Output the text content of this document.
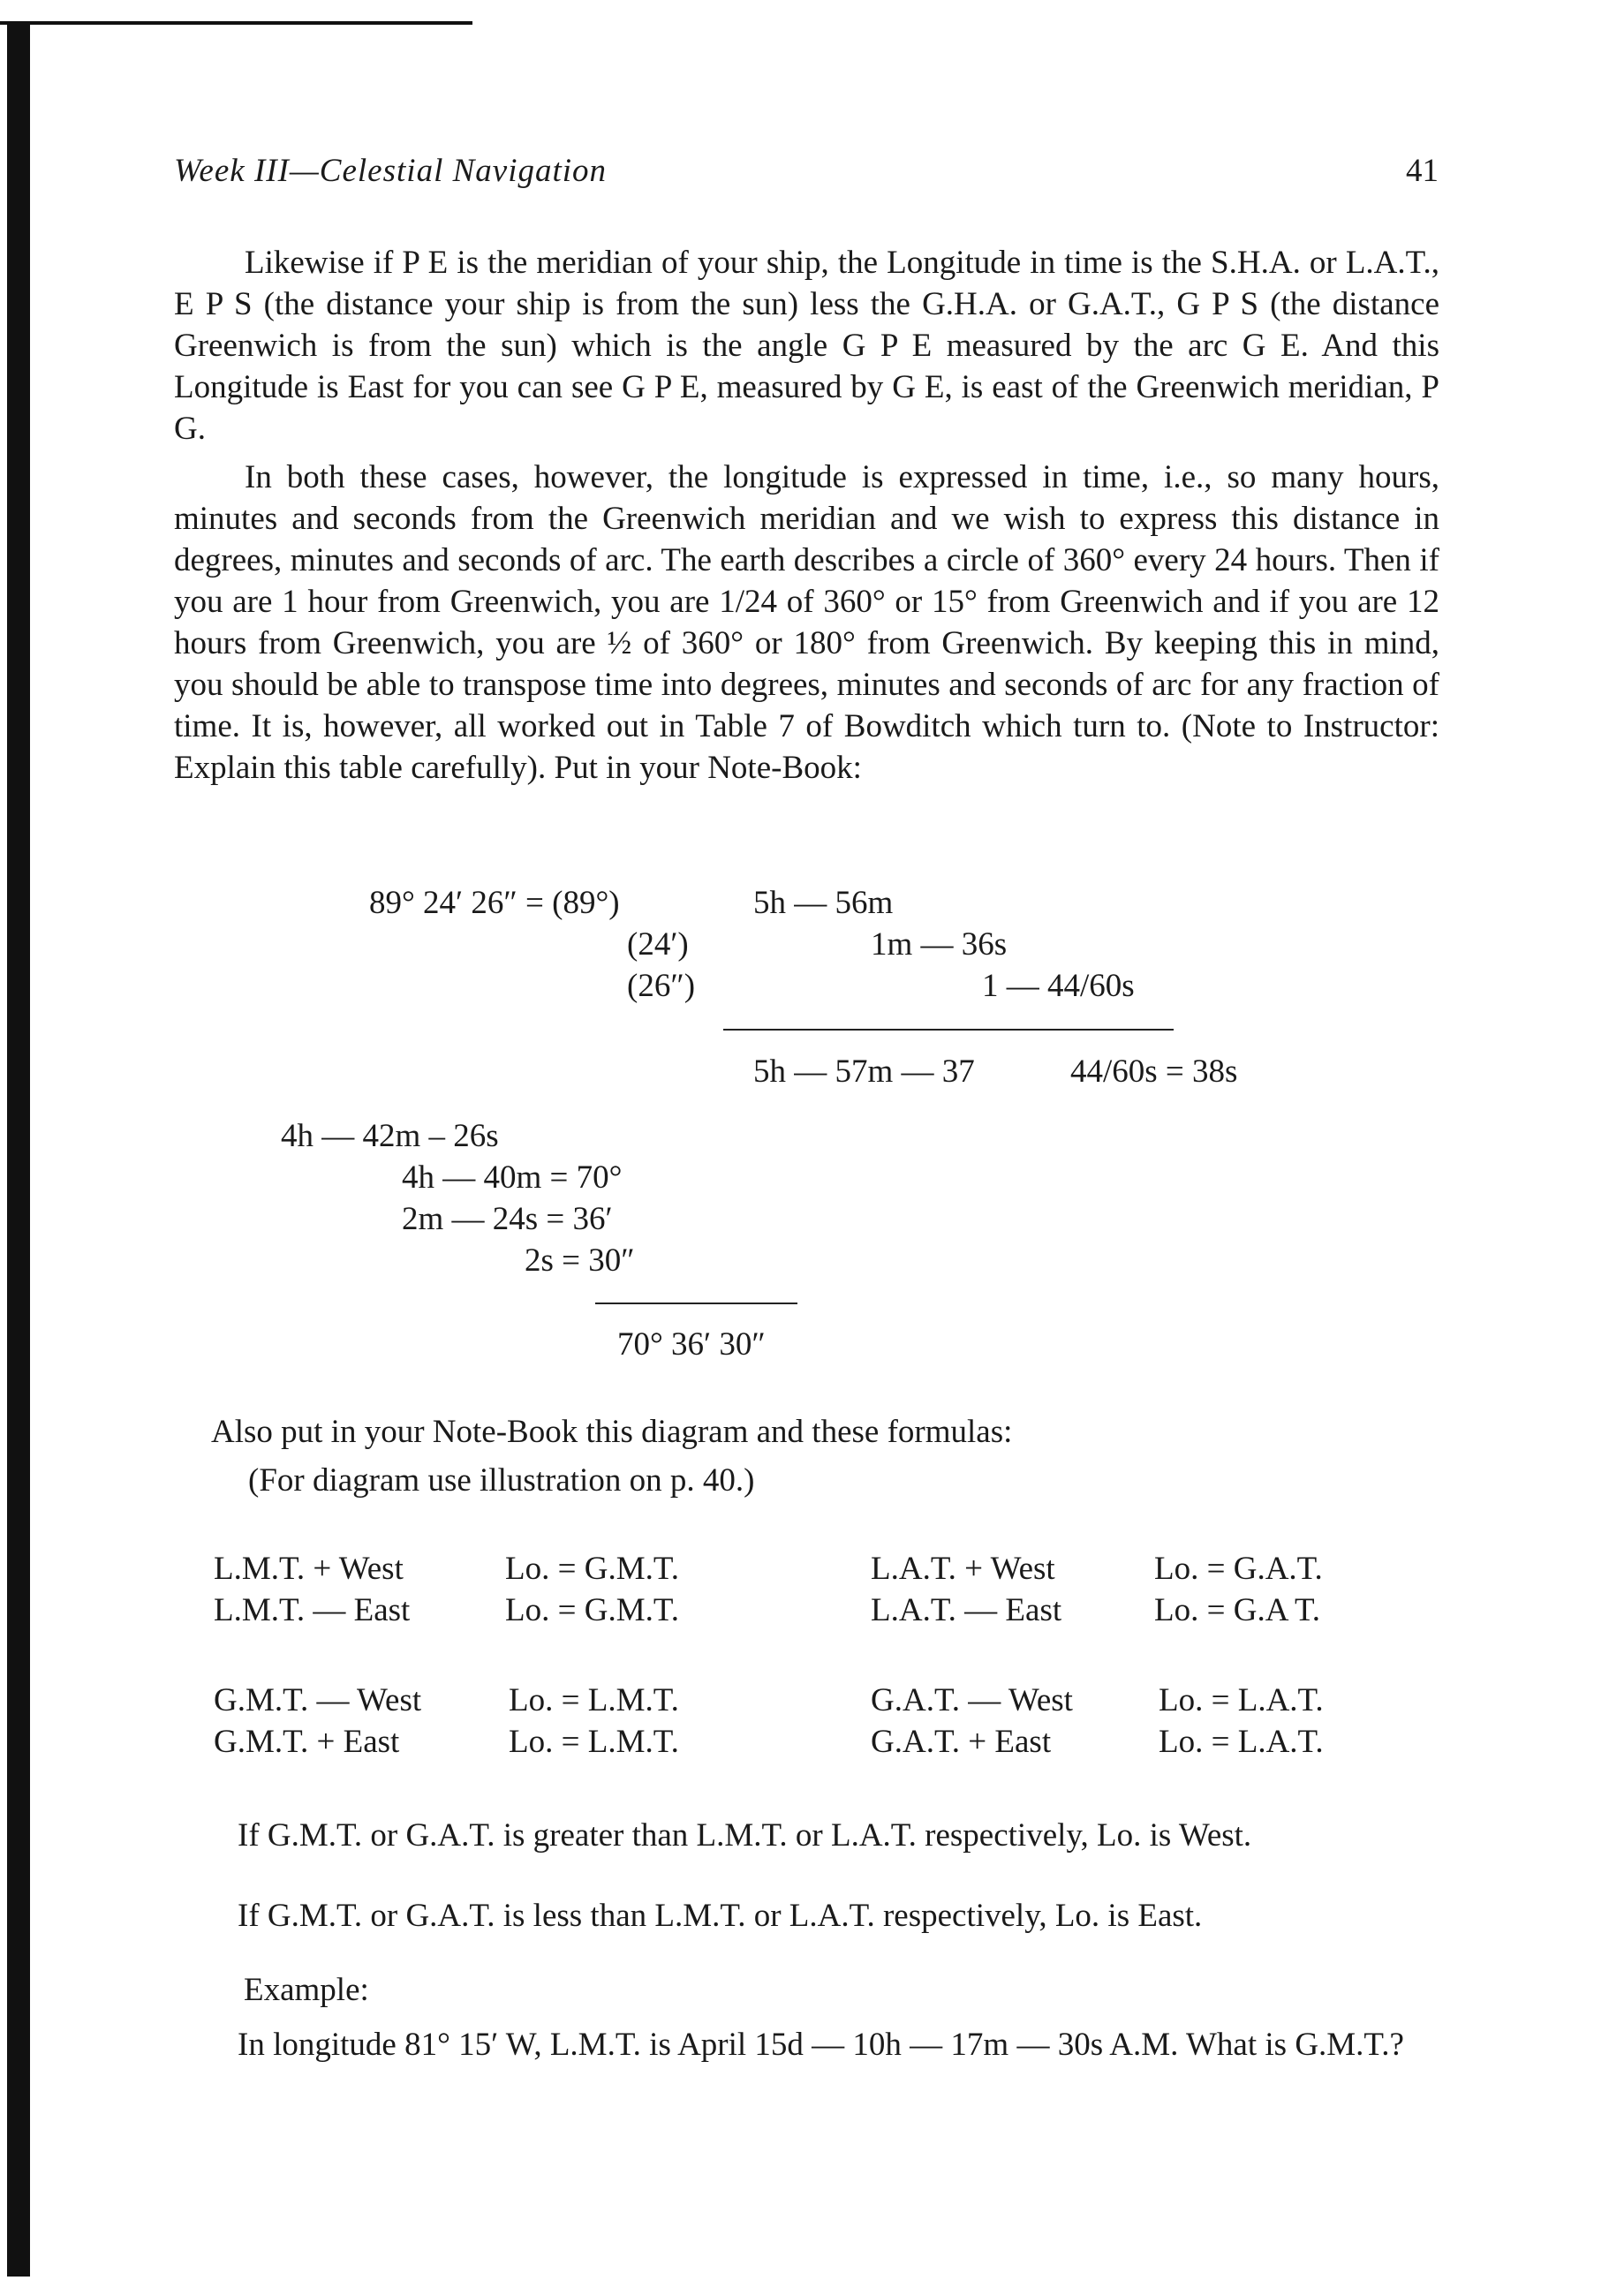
Week III—Celestial Navigation	41

Likewise if P E is the meridian of your ship, the Longitude in time is the S.H.A. or L.A.T., E P S (the distance your ship is from the sun) less the G.H.A. or G.A.T., G P S (the distance Greenwich is from the sun) which is the angle G P E measured by the arc G E. And this Longitude is East for you can see G P E, measured by G E, is east of the Greenwich meridian, P G.

In both these cases, however, the longitude is expressed in time, i.e., so many hours, minutes and seconds from the Greenwich meridian and we wish to express this distance in degrees, minutes and seconds of arc. The earth describes a circle of 360° every 24 hours. Then if you are 1 hour from Greenwich, you are 1/24 of 360° or 15° from Greenwich and if you are 12 hours from Greenwich, you are ½ of 360° or 180° from Greenwich. By keeping this in mind, you should be able to transpose time into degrees, minutes and seconds of arc for any fraction of time. It is, however, all worked out in Table 7 of Bowditch which turn to. (Note to Instructor: Explain this table carefully). Put in your Note-Book:

89° 24′ 26″ = (89°)
(24′)
(26″)
5h — 56m
1m — 36s
1 — 44/60s
5h — 57m — 37	44/60s = 38s
4h — 42m – 26s
4h — 40m = 70°
2m — 24s = 36′
2s = 30″
70° 36′ 30″
Also put in your Note-Book this diagram and these formulas:
(For diagram use illustration on p. 40.)
L.M.T. + West	Lo. = G.M.T.	L.A.T. + West	Lo. = G.A.T.
L.M.T. — East	Lo. = G.M.T.	L.A.T. — East	Lo. = G.A T.
G.M.T. — West	Lo. = L.M.T.	G.A.T. — West	Lo. = L.A.T.
G.M.T. + East	Lo. = L.M.T.	G.A.T. + East	Lo. = L.A.T.

If G.M.T. or G.A.T. is greater than L.M.T. or L.A.T. respectively, Lo. is West.

If G.M.T. or G.A.T. is less than L.M.T. or L.A.T. respectively, Lo. is East.

Example:

In longitude 81° 15′ W, L.M.T. is April 15d — 10h — 17m — 30s A.M. What is G.M.T.?
